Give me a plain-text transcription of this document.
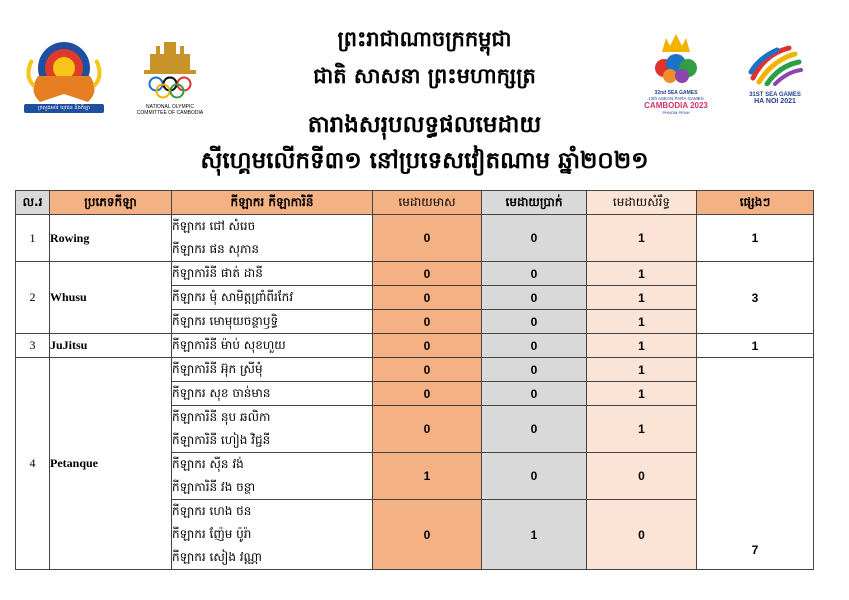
ក្រសួងអប់រំ យុវជន និងកីឡា	NATIONAL OLYMPIC
COMMITTEE OF CAMBODIA
32nd SEA GAMES
12th ASEAN PARA GAMES
CAMBODIA 2023
PHNOM PENH
31ST SEA GAMES
HA NOI 2021
ព្រះរាជាណាចក្រកម្ពុជា
ជាតិ សាសនា ព្រះមហាក្សត្រ
តារាងសរុបលទ្ធផលមេដាយ
ស៊ីហ្គេមលើកទី៣១ នៅប្រទេសវៀតណាម ឆ្នាំ២០២១
ល.រ	ប្រភេទកីឡា	កីឡាករ កីឡាការិនី	មេដាយមាស	មេដាយប្រាក់	មេដាយសំរឹទ្ធ	ផ្សេងៗ
1	Rowing	កីឡាករ ជៅ សំរេច
កីឡាករ ផន សុភាន	0	0	1	1
2	Whusu	កីឡាការិនី ផាត់ ដានី	0	0	1	3

		កីឡាករ មុំ សាមិត្តព្រាំពីរកែវ	0	0	1	

		កីឡាករ មោមុយចន្ថាឫទ្ធិ	0	0	1	
3	JuJitsu	កីឡាការិនី ម៉ាប់ សុខហួយ	0	0	1	1
4	Petanque	កីឡាការិនី អ៊ុក ស្រីមុំ	0	0	1	7

		កីឡាករ សុខ ចាន់មាន	0	0	1	

		កីឡាការិនី នុប ឆលិកា
កីឡាការិនី ហៀង វិជ្ជនី	0	0	1	

		កីឡាករ ស៊ីន វង់
កីឡាការិនី វង ចន្ថា	1	0	0	

		កីឡាករ ហេង ថន
កីឡាករ ញ៉ែម ប៉ូរ៉ា
កីឡាករ សៀង វណ្ណា	0	1	0	
